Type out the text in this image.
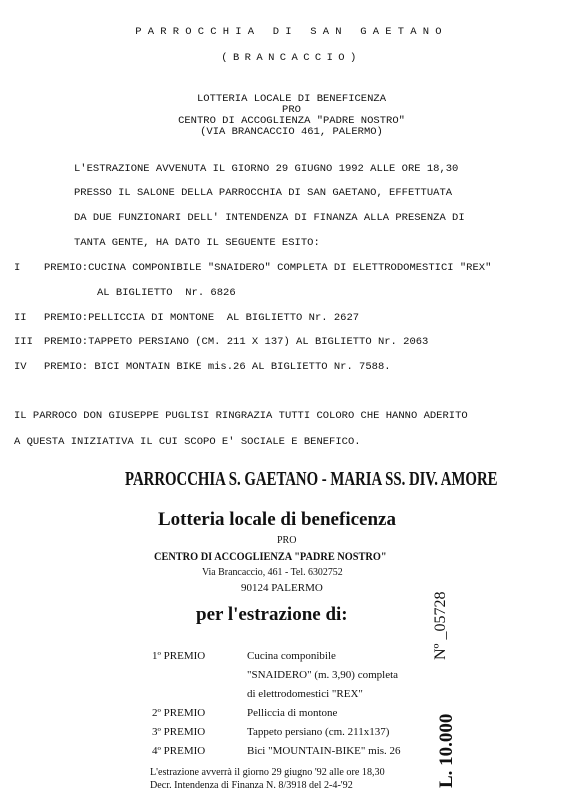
PARROCCHIA DI SAN GAETANO
(BRANCACCIO)
LOTTERIA LOCALE DI BENEFICENZA
PRO
CENTRO DI ACCOGLIENZA "PADRE NOSTRO"
(VIA BRANCACCIO 461, PALERMO)
L'ESTRAZIONE AVVENUTA IL GIORNO 29 GIUGNO 1992 ALLE ORE 18,30
PRESSO IL SALONE DELLA PARROCCHIA DI SAN GAETANO, EFFETTUATA
DA DUE FUNZIONARI DELL' INTENDENZA DI FINANZA ALLA PRESENZA DI
TANTA GENTE, HA DATO IL SEGUENTE ESITO:
I PREMIO:CUCINA COMPONIBILE "SNAIDERO" COMPLETA DI ELETTRODOMESTICI "REX"
AL BIGLIETTO  Nr. 6826
II PREMIO:PELLICCIA DI MONTONE  AL BIGLIETTO Nr. 2627
III PREMIO:TAPPETO PERSIANO (CM. 211 X 137) AL BIGLIETTO Nr. 2063
IV PREMIO: BICI MONTAIN BIKE mis.26 AL BIGLIETTO Nr. 7588.
IL PARROCO DON GIUSEPPE PUGLISI RINGRAZIA TUTTI COLORO CHE HANNO ADERITO
A QUESTA INIZIATIVA IL CUI SCOPO E' SOCIALE E BENEFICO.
PARROCCHIA S. GAETANO - MARIA SS. DIV. AMORE
Lotteria locale di beneficenza
PRO
CENTRO DI ACCOGLIENZA "PADRE NOSTRO"
Via Brancaccio, 461 - Tel. 6302752
90124 PALERMO
per l'estrazione di:	Nº _05728
1º PREMIO	Cucina componibile
"SNAIDERO" (m. 3,90) completa
di elettrodomestici "REX"
2º PREMIO	Pelliccia di montone
3º PREMIO	Tappeto persiano (cm. 211x137)
4º PREMIO	Bici "MOUNTAIN-BIKE" mis. 26 L. 10.000
L'estrazione avverrà il giorno 29 giugno '92 alle ore 18,30
Decr. Intendenza di Finanza N. 8/3918 del 2-4-'92
